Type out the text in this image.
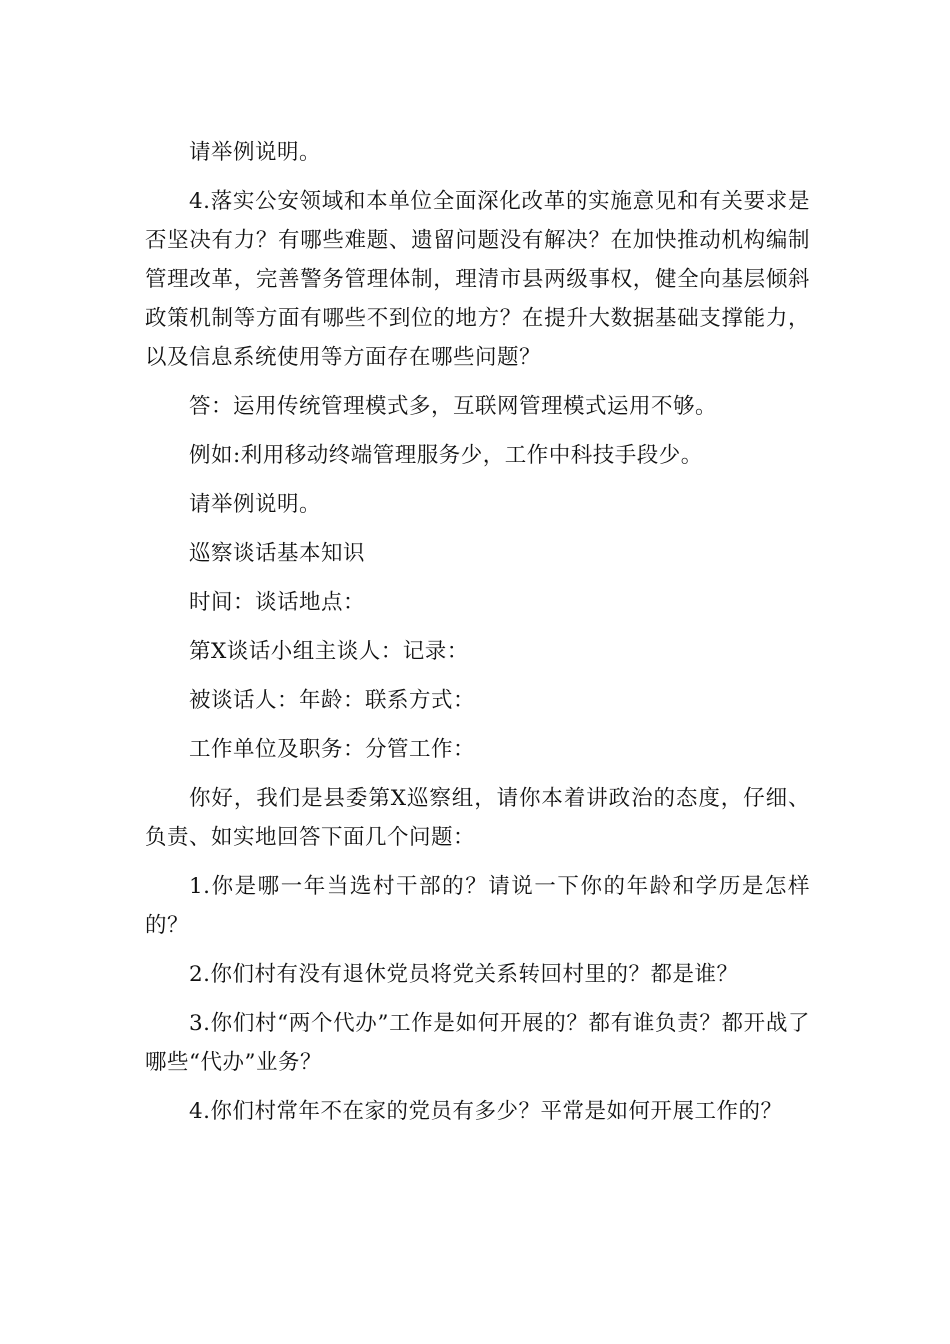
请举例说明。

4.落实公安领域和本单位全面深化改革的实施意见和有关要求是否坚决有力？有哪些难题、遗留问题没有解决？在加快推动机构编制管理改革，完善警务管理体制，理清市县两级事权，健全向基层倾斜政策机制等方面有哪些不到位的地方？在提升大数据基础支撑能力，以及信息系统使用等方面存在哪些问题？

答：运用传统管理模式多，互联网管理模式运用不够。

例如:利用移动终端管理服务少，工作中科技手段少。

请举例说明。

巡察谈话基本知识

时间：谈话地点：

第X谈话小组主谈人：记录：

被谈话人：年龄：联系方式：

工作单位及职务：分管工作：

你好，我们是县委第X巡察组，请你本着讲政治的态度，仔细、负责、如实地回答下面几个问题：

1.你是哪一年当选村干部的？请说一下你的年龄和学历是怎样的？

2.你们村有没有退休党员将党关系转回村里的？都是谁？

3.你们村“两个代办”工作是如何开展的？都有谁负责？都开战了哪些“代办”业务？

4.你们村常年不在家的党员有多少？平常是如何开展工作的？
